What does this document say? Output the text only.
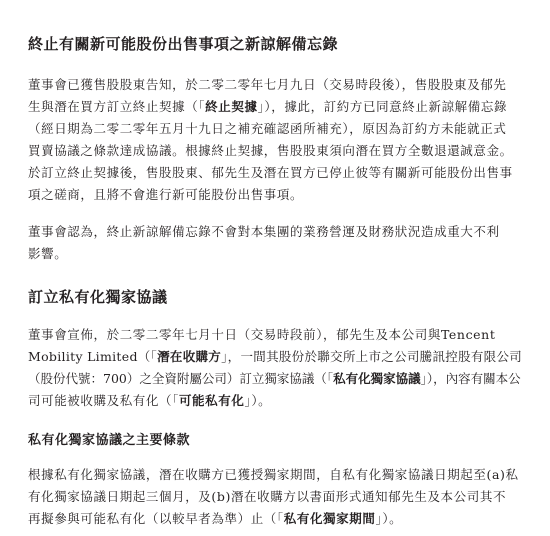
終止有關新可能股份出售事項之新諒解備忘錄

董事會已獲售股股東告知，於二零二零年七月九日（交易時段後），售股股東及郁先
生與潛在買方訂立終止契據（「終止契據」），據此，訂約方已同意終止新諒解備忘錄
（經日期為二零二零年五月十九日之補充確認函所補充），原因為訂約方未能就正式
買賣協議之條款達成協議。根據終止契據，售股股東須向潛在買方全數退還誠意金。
於訂立終止契據後，售股股東、郁先生及潛在買方已停止彼等有關新可能股份出售事
項之磋商，且將不會進行新可能股份出售事項。

董事會認為，終止新諒解備忘錄不會對本集團的業務營運及財務狀況造成重大不利
影響。

訂立私有化獨家協議

董事會宣佈，於二零二零年七月十日（交易時段前），郁先生及本公司與Tencent
Mobility Limited（「潛在收購方」，一間其股份於聯交所上市之公司騰訊控股有限公司
（股份代號：700）之全資附屬公司）訂立獨家協議（「私有化獨家協議」），內容有關本公
司可能被收購及私有化（「可能私有化」）。

私有化獨家協議之主要條款

根據私有化獨家協議，潛在收購方已獲授獨家期間，自私有化獨家協議日期起至(a)私
有化獨家協議日期起三個月，及(b)潛在收購方以書面形式通知郁先生及本公司其不
再擬參與可能私有化（以較早者為準）止（「私有化獨家期間」）。
